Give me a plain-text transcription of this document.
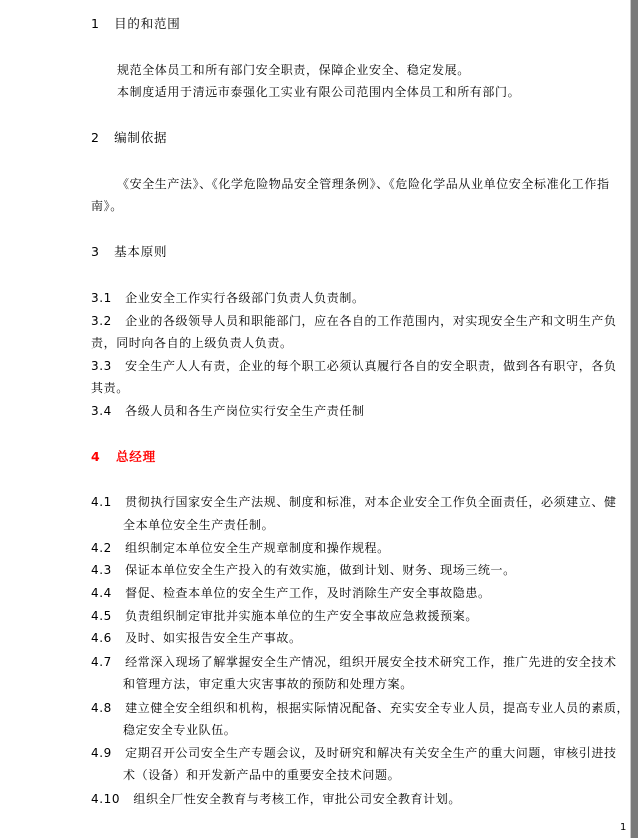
1 目的和范围
规范全体员工和所有部门安全职责，保障企业安全、稳定发展。
本制度适用于清远市泰强化工实业有限公司范围内全体员工和所有部门。
2 编制依据
《安全生产法》、《化学危险物品安全管理条例》、《危险化学品从业单位安全标准化工作指
南》。
3 基本原则
3.1 企业安全工作实行各级部门负责人负责制。
3.2 企业的各级领导人员和职能部门，应在各自的工作范围内，对实现安全生产和文明生产负
责，同时向各自的上级负责人负责。
3.3 安全生产人人有责，企业的每个职工必须认真履行各自的安全职责，做到各有职守，各负
其责。
3.4 各级人员和各生产岗位实行安全生产责任制
4 总经理
4.1 贯彻执行国家安全生产法规、制度和标准，对本企业安全工作负全面责任，必须建立、健
全本单位安全生产责任制。
4.2 组织制定本单位安全生产规章制度和操作规程。
4.3 保证本单位安全生产投入的有效实施，做到计划、财务、现场三统一。
4.4 督促、检查本单位的安全生产工作，及时消除生产安全事故隐患。
4.5 负责组织制定审批并实施本单位的生产安全事故应急救援预案。
4.6 及时、如实报告安全生产事故。
4.7 经常深入现场了解掌握安全生产情况，组织开展安全技术研究工作，推广先进的安全技术
和管理方法，审定重大灾害事故的预防和处理方案。
4.8 建立健全安全组织和机构，根据实际情况配备、充实安全专业人员，提高专业人员的素质，
稳定安全专业队伍。
4.9 定期召开公司安全生产专题会议，及时研究和解决有关安全生产的重大问题，审核引进技
术（设备）和开发新产品中的重要安全技术问题。
4.10 组织全厂性安全教育与考核工作，审批公司安全教育计划。
1
